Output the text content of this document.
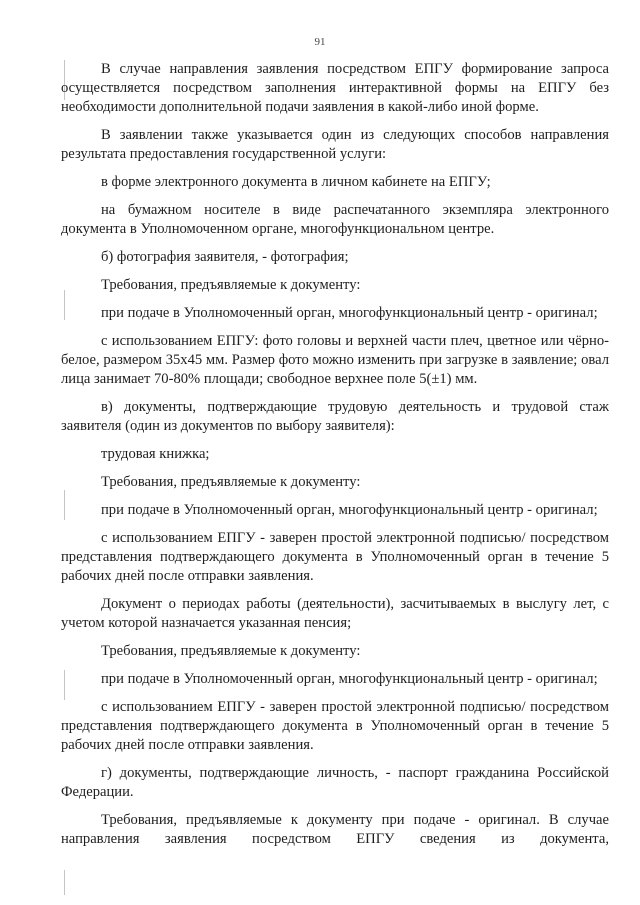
91

В случае направления заявления посредством ЕПГУ формирование запроса осуществляется посредством заполнения интерактивной формы на ЕПГУ без необходимости дополнительной подачи заявления в какой-либо иной форме.

В заявлении также указывается один из следующих способов направления результата предоставления государственной услуги:

в форме электронного документа в личном кабинете на ЕПГУ;

на бумажном носителе в виде распечатанного экземпляра электронного документа в Уполномоченном органе, многофункциональном центре.

б) фотография заявителя, - фотография;

Требования, предъявляемые к документу:

при подаче в Уполномоченный орган, многофункциональный центр - оригинал;

с использованием ЕПГУ: фото головы и верхней части плеч, цветное или чёрно-белое, размером 35х45 мм. Размер фото можно изменить при загрузке в заявление; овал лица занимает 70-80% площади; свободное верхнее поле 5(±1) мм.

в) документы, подтверждающие трудовую деятельность и трудовой стаж заявителя (один из документов по выбору заявителя):

трудовая книжка;

Требования, предъявляемые к документу:

при подаче в Уполномоченный орган, многофункциональный центр - оригинал;

с использованием ЕПГУ - заверен простой электронной подписью/ посредством представления подтверждающего документа в Уполномоченный орган в течение 5 рабочих дней после отправки заявления.

Документ о периодах работы (деятельности), засчитываемых в выслугу лет, с учетом которой назначается указанная пенсия;

Требования, предъявляемые к документу:

при подаче в Уполномоченный орган, многофункциональный центр - оригинал;

с использованием ЕПГУ - заверен простой электронной подписью/ посредством представления подтверждающего документа в Уполномоченный орган в течение 5 рабочих дней после отправки заявления.

г) документы, подтверждающие личность, - паспорт гражданина Российской Федерации.

Требования, предъявляемые к документу при подаче - оригинал. В случае направления заявления посредством ЕПГУ сведения из документа,
